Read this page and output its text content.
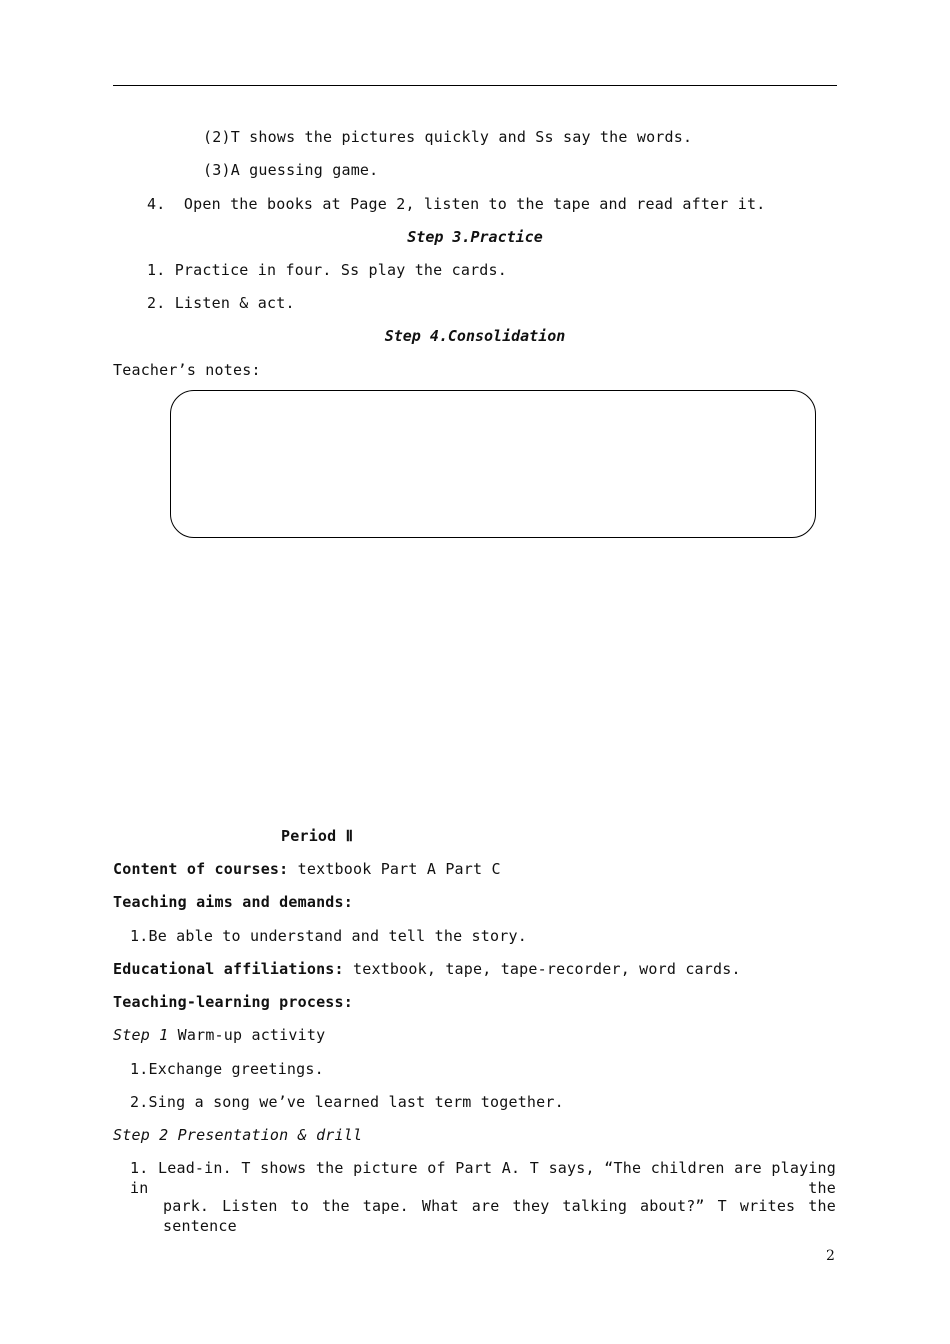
(2)T shows the pictures quickly and Ss say the words.
(3)A guessing game.
4.  Open the books at Page 2, listen to the tape and read after it.
Step 3.Practice
1. Practice in four. Ss play the cards.
2. Listen & act.
Step 4.Consolidation
Teacher’s notes:
Period Ⅱ
Content of courses: textbook Part A Part C
Teaching aims and demands:
1.Be able to understand and tell the story.
Educational affiliations: textbook, tape, tape-recorder, word cards.
Teaching-learning process:
Step 1 Warm-up activity
1.Exchange greetings.
2.Sing a song we’ve learned last term together.
Step 2 Presentation & drill
1. Lead-in. T shows the picture of Part A. T says, “The children are playing in the
park. Listen to the tape. What are they talking about?” T writes the sentence
2
